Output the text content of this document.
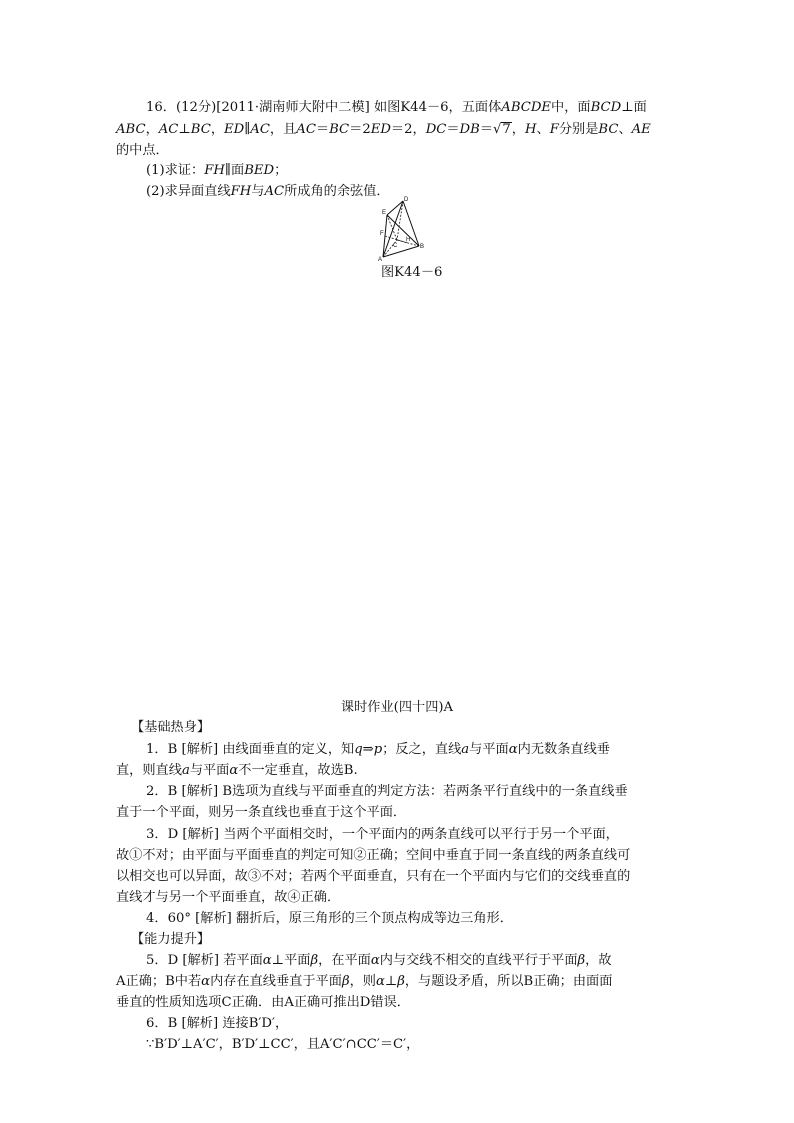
16．(12分)[2011·湖南师大附中二模] 如图K44－6，五面体ABCDE中，面BCD⊥面
ABC，AC⊥BC，ED∥AC，且AC＝BC＝2ED＝2，DC＝DB＝√7，H、F分别是BC、AE
的中点．
(1)求证：FH∥面BED；
(2)求异面直线FH与AC所成角的余弦值．
D
E
F
H
B
A
C
图K44－6
课时作业(四十四)A
【基础热身】
1．B [解析] 由线面垂直的定义，知q⇒p；反之，直线a与平面α内无数条直线垂
直，则直线a与平面α不一定垂直，故选B.
2．B [解析] B选项为直线与平面垂直的判定方法：若两条平行直线中的一条直线垂
直于一个平面，则另一条直线也垂直于这个平面．
3．D [解析] 当两个平面相交时，一个平面内的两条直线可以平行于另一个平面，
故①不对；由平面与平面垂直的判定可知②正确；空间中垂直于同一条直线的两条直线可
以相交也可以异面，故③不对；若两个平面垂直，只有在一个平面内与它们的交线垂直的
直线才与另一个平面垂直，故④正确．
4．60° [解析] 翻折后，原三角形的三个顶点构成等边三角形．
【能力提升】
5．D [解析] 若平面α⊥平面β，在平面α内与交线不相交的直线平行于平面β，故
A正确；B中若α内存在直线垂直于平面β，则α⊥β，与题设矛盾，所以B正确；由面面
垂直的性质知选项C正确．由A正确可推出D错误．
6．B [解析] 连接B′D′，
∵B′D′⊥A′C′，B′D′⊥CC′，且A′C′∩CC′＝C′，
